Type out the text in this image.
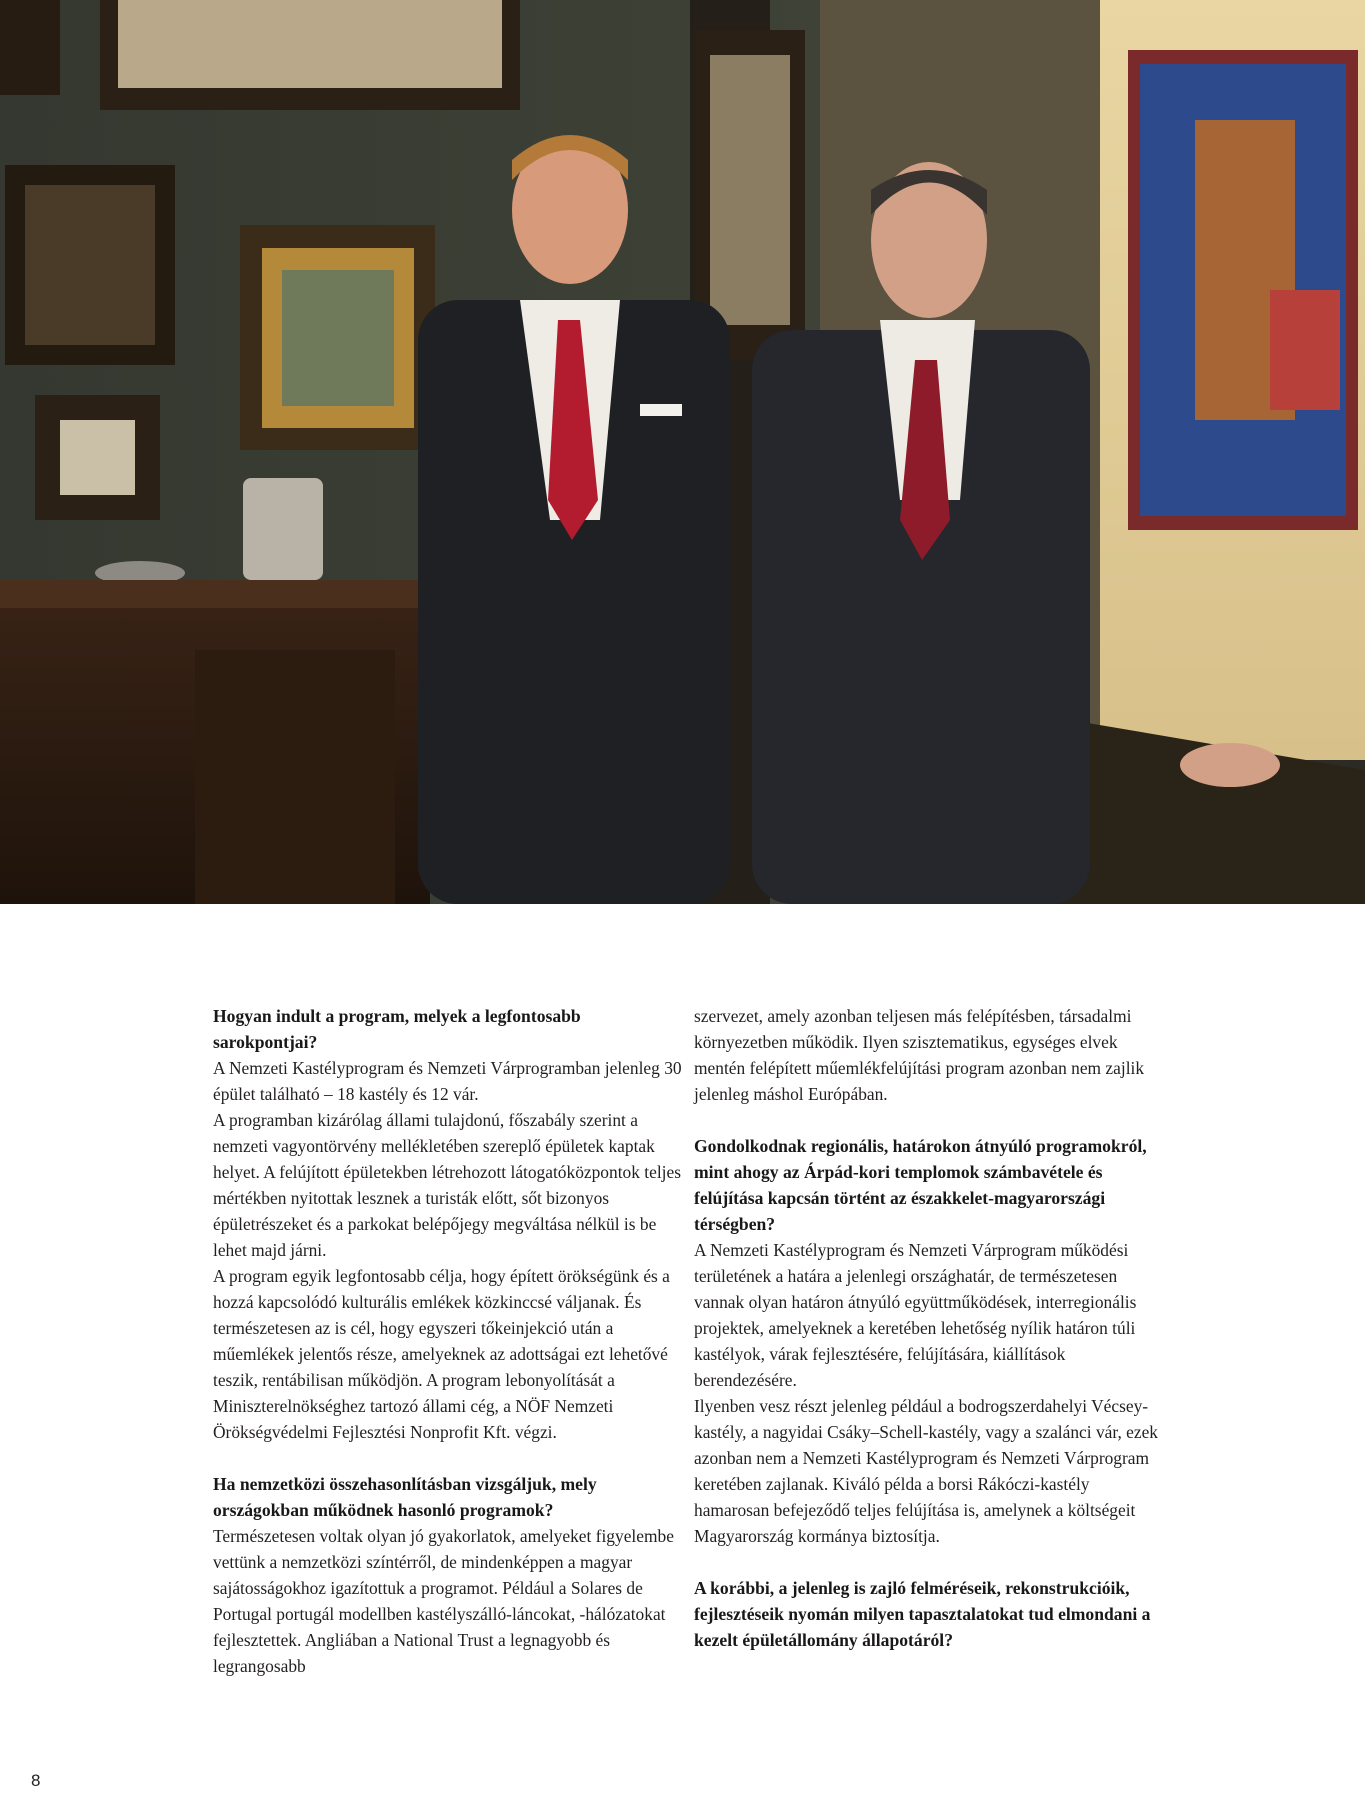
Hogyan indult a program, melyek a legfontosabb sarokpontjai?

A Nemzeti Kastélyprogram és Nemzeti Várprogramban jelenleg 30 épület található – 18 kastély és 12 vár.

A programban kizárólag állami tulajdonú, főszabály szerint a nemzeti vagyontörvény mellékletében szereplő épületek kaptak helyet. A felújított épületekben létrehozott látogatóközpontok teljes mértékben nyitottak lesznek a turisták előtt, sőt bizonyos épületrészeket és a parkokat belépőjegy megváltása nélkül is be lehet majd járni.

A program egyik legfontosabb célja, hogy épített örökségünk és a hozzá kapcsolódó kulturális emlékek közkinccsé váljanak. És természetesen az is cél, hogy egyszeri tőkeinjekció után a műemlékek jelentős része, amelyeknek az adottságai ezt lehetővé teszik, rentábilisan működjön. A program lebonyolítását a Miniszterelnökséghez tartozó állami cég, a NÖF Nemzeti Örökségvédelmi Fejlesztési Nonprofit Kft. végzi.

Ha nemzetközi összehasonlításban vizsgáljuk, mely országokban működnek hasonló programok?

Természetesen voltak olyan jó gyakorlatok, amelyeket figyelembe vettünk a nemzetközi színtérről, de mindenképpen a magyar sajátosságokhoz igazítottuk a programot. Például a Solares de Portugal portugál modellben kastélyszálló-láncokat, -hálózatokat fejlesztettek. Angliában a National Trust a legnagyobb és legrangosabb

szervezet, amely azonban teljesen más felépítésben, társadalmi környezetben működik. Ilyen szisztematikus, egységes elvek mentén felépített műemlékfelújítási program azonban nem zajlik jelenleg máshol Európában.

Gondolkodnak regionális, határokon átnyúló programokról, mint ahogy az Árpád-kori templomok számbavétele és felújítása kapcsán történt az északkelet-magyarországi térségben?

A Nemzeti Kastélyprogram és Nemzeti Várprogram működési területének a határa a jelenlegi országhatár, de természetesen vannak olyan határon átnyúló együttműködések, interregionális projektek, amelyeknek a keretében lehetőség nyílik határon túli kastélyok, várak fejlesztésére, felújítására, kiállítások berendezésére.

Ilyenben vesz részt jelenleg például a bodrogszerdahelyi Vécsey-kastély, a nagyidai Csáky–Schell-kastély, vagy a szalánci vár, ezek azonban nem a Nemzeti Kastélyprogram és Nemzeti Várprogram keretében zajlanak. Kiváló példa a borsi Rákóczi-kastély hamarosan befejeződő teljes felújítása is, amelynek a költségeit Magyarország kormánya biztosítja.

A korábbi, a jelenleg is zajló felméréseik, rekonstrukcióik, fejlesztéseik nyomán milyen tapasztalatokat tud elmondani a kezelt épületállomány állapotáról?

8
